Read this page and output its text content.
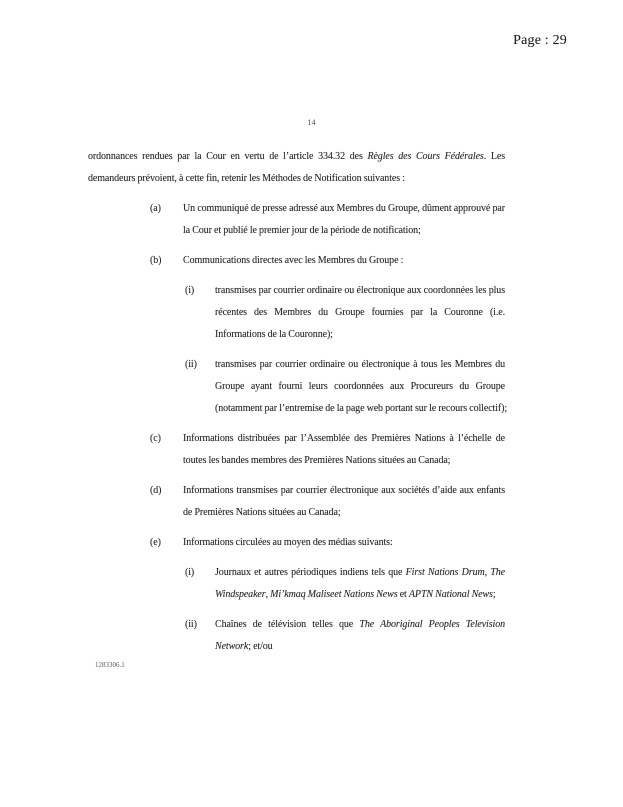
Page : 29
14
ordonnances rendues par la Cour en vertu de l’article 334.32 des Règles des Cours Fédérales. Les
demandeurs prévoient, à cette fin, retenir les Méthodes de Notification suivantes :
(a)	Un communiqué de presse adressé aux Membres du Groupe, dûment approuvé par
la Cour et publié le premier jour de la période de notification;
(b)	Communications directes avec les Membres du Groupe :
(i)	transmises par courrier ordinaire ou électronique aux coordonnées les plus
récentes des Membres du Groupe fournies par la Couronne (i.e.
Informations de la Couronne);
(ii)	transmises par courrier ordinaire ou électronique à tous les Membres du
Groupe ayant fourni leurs coordonnées aux Procureurs du Groupe
(notamment par l’entremise de la page web portant sur le recours collectif);
(c)	Informations distribuées par l’Assemblée des Premières Nations à l’échelle de
toutes les bandes membres des Premières Nations situées au Canada;
(d)	Informations transmises par courrier électronique aux sociétés d’aide aux enfants
de Premières Nations situées au Canada;
(e)	Informations circulées au moyen des médias suivants:
(i)	Journaux et autres périodiques indiens tels que First Nations Drum, The
Windspeaker, Mi’kmaq Maliseet Nations News et APTN National News;
(ii)	Chaînes de télévision telles que The Aboriginal Peoples Television
Network; et/ou
1283306.1
